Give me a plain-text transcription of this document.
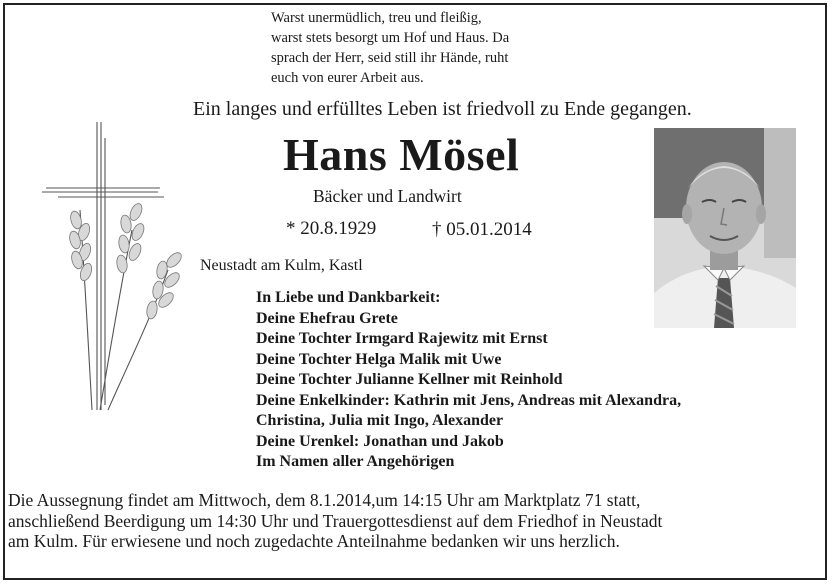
Warst unermüdlich, treu und fleißig,
warst stets besorgt um Hof und Haus. Da
sprach der Herr, seid still ihr Hände, ruht
euch von eurer Arbeit aus.
Ein langes und erfülltes Leben ist friedvoll zu Ende gegangen.
Hans Mösel
Bäcker und Landwirt
* 20.8.1929	† 05.01.2014
Neustadt am Kulm, Kastl
In Liebe und Dankbarkeit:
Deine Ehefrau Grete
Deine Tochter Irmgard Rajewitz mit Ernst
Deine Tochter Helga Malik mit Uwe
Deine Tochter Julianne Kellner mit Reinhold
Deine Enkelkinder: Kathrin mit Jens, Andreas mit Alexandra,
Christina, Julia mit Ingo, Alexander
Deine Urenkel: Jonathan und Jakob
Im Namen aller Angehörigen
Die Aussegnung findet am Mittwoch, dem 8.1.2014,um 14:15 Uhr am Marktplatz 71 statt,
anschließend Beerdigung um 14:30 Uhr und Trauergottesdienst auf dem Friedhof in Neustadt
am Kulm. Für erwiesene und noch zugedachte Anteilnahme bedanken wir uns herzlich.
